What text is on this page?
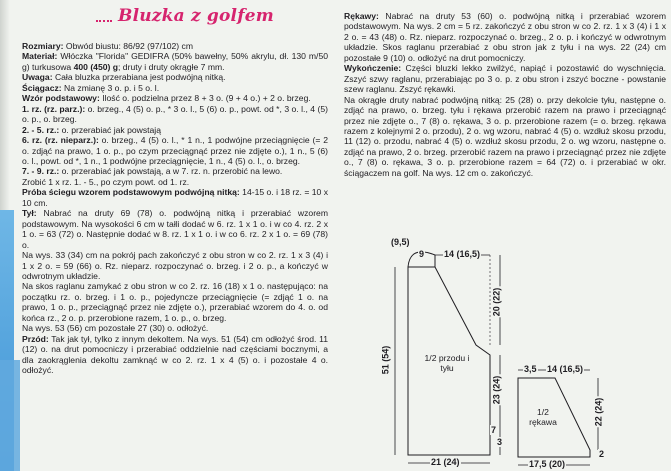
Bluzka z golfem

Rozmiary: Obwód biustu: 86/92 (97/102) cm

Materiał: Włóczka "Florida" GEDIFRA (50% bawełny, 50% akrylu, dł. 130 m/50 g) turkusowa 400 (450) g; druty i druty okrągłe 7 mm.

Uwaga: Cała bluzka przerabiana jest podwójną nitką.

Ściągacz: Na zmianę 3 o. p. i 5 o. l.

Wzór podstawowy: Ilość o. podzielna przez 8 + 3 o. (9 + 4 o.) + 2 o. brzeg.

1. rz. (rz. parz.): o. brzeg., 4 (5) o. p., * 3 o. l., 5 (6) o. p., powt. od *, 3 o. l., 4 (5) o. p., o. brzeg.

2. - 5. rz.: o. przerabiać jak powstają

6. rz. (rz. nieparz.): o. brzeg., 4 (5) o. l., * 1 n., 1 podwójne przeciągnięcie (= 2 o. zdjąć na prawo, 1 o. p., po czym przeciągnąć przez nie zdjęte o.), 1 n., 5 (6) o. l., powt. od *, 1 n., 1 podwójne przeciągnięcie, 1 n., 4 (5) o. l., o. brzeg.

7. - 9. rz.: o. przerabiać jak powstają, a w 7. rz. n. przerobić na lewo.

Zrobić 1 x rz. 1. - 5., po czym powt. od 1. rz.

Próba ściegu wzorem podstawowym podwójną nitką: 14-15 o. i 18 rz. = 10 x 10 cm.

Tył: Nabrać na druty 69 (78) o. podwójną nitką i przerabiać wzorem podstawowym. Na wysokości 6 cm w tałli dodać w 6. rz. 1 x 1 o. i w co 4. rz. 2 x 1 o. = 63 (72) o. Następnie dodać w 8. rz. 1 x 1 o. i w co 6. rz. 2 x 1 o. = 69 (78) o.

Na wys. 33 (34) cm na pokrój pach zakończyć z obu stron w co 2. rz. 1 x 3 (4) i 1 x 2 o. = 59 (66) o. Rz. nieparz. rozpoczynać o. brzeg. i 2 o. p., a kończyć w odwrotnym układzie.

Na skos raglanu zamykać z obu stron w co 2. rz. 16 (18) x 1 o. następująco: na początku rz. o. brzeg. i 1 o. p., pojedyncze przeciągnięcie (= zdjąć 1 o. na prawo, 1 o. p., przeciągnąć przez nie zdjęte o.), przerabiać wzorem do 4. o. od końca rz., 2 o. p. przerobione razem, 1 o. p., o. brzeg.

Na wys. 53 (56) cm pozostałe 27 (30) o. odłożyć.

Przód: Tak jak tył, tylko z innym dekoltem. Na wys. 51 (54) cm odłożyć środ. 11 (12) o. na drut pomocniczy i przerabiać oddzielnie nad częściami bocznymi, a dla zaokrąglenia dekoltu zamknąć w co 2. rz. 1 x 4 (5) o. i pozostałe 4 o. odłożyć.

Rękawy: Nabrać na druty 53 (60) o. podwójną nitką i przerabiać wzorem podstawowym. Na wys. 2 cm = 5 rz. zakończyć z obu stron w co 2. rz. 1 x 3 (4) i 1 x 2 o. = 43 (48) o. Rz. nieparz. rozpoczynać o. brzeg., 2 o. p. i kończyć w odwrotnym układzie. Skos raglanu przerabiać z obu stron jak z tyłu i na wys. 22 (24) cm pozostałe 9 (10) o. odłożyć na drut pomocniczy.

Wykończenie: Części bluzki lekko zwilżyć, napiąć i pozostawić do wyschnięcia. Zszyć szwy raglanu, przerabiając po 3 o. p. z obu stron i zszyć boczne - powstanie szew raglanu. Zszyć rękawki.

Na okrągłe druty nabrać podwójną nitką: 25 (28) o. przy dekolcie tyłu, następne o. zdjąć na prawo, o. brzeg. tyłu i rękawa przerobić razem na prawo i przeciągnąć przez nie zdjęte o., 7 (8) o. rękawa, 3 o. p. przerobione razem (= o. brzeg. rękawa razem z kolejnymi 2 o. przodu), 2 o. wg wzoru, nabrać 4 (5) o. wzdłuż skosu przodu, 11 (12) o. przodu, nabrać 4 (5) o. wzdłuż skosu przodu, 2 o. wg wzoru, następne o. zdjąć na prawo, 2 o. brzeg. przerobić razem na prawo i przeciągnąć przez nie zdjęte o., 7 (8) o. rękawa, 3 o. p. przerobione razem = 64 (72) o. i przerabiać w okr. ściągaczem na golf. Na wys. 12 cm o. zakończyć.

(9,5)
9 14 (16,5)
51 (54)
20 (22)
23 (24)
3
7
21 (24)
1/2 przodu i tyłu
1/2 rękawa
3,5 14 (16,5)
22 (24)
2
17,5 (20)
